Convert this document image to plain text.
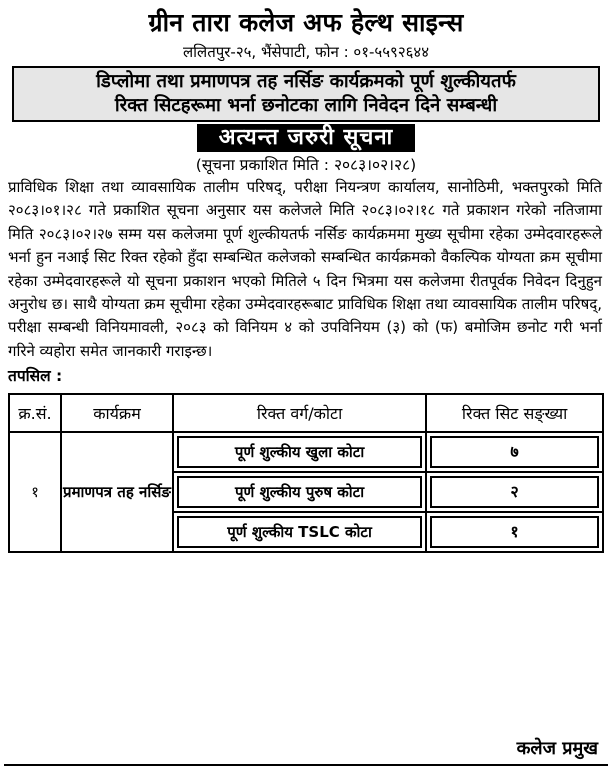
ग्रीन तारा कलेज अफ हेल्थ साइन्स
ललितपुर-२५, भैंसेपाटी, फोन : ०१-५५९२६४४
डिप्लोमा तथा प्रमाणपत्र तह नर्सिङ कार्यक्रमको पूर्ण शुल्कीयतर्फ
रिक्त सिटहरूमा भर्ना छनोटका लागि निवेदन दिने सम्बन्धी
अत्यन्त जरुरी सूचना
(सूचना प्रकाशित मिति : २०८३।०२।२८)
प्राविधिक शिक्षा तथा व्यावसायिक तालीम परिषद्, परीक्षा नियन्त्रण कार्यालय, सानोठिमी, भक्तपुरको मिति २०८३।०१।२८ गते प्रकाशित सूचना अनुसार यस कलेजले मिति २०८३।०२।१८ गते प्रकाशन गरेको नतिजामा मिति २०८३।०२।२७ सम्म यस कलेजमा पूर्ण शुल्कीयतर्फ नर्सिङ कार्यक्रममा मुख्य सूचीमा रहेका उम्मेदवारहरूले भर्ना हुन नआई सिट रिक्त रहेको हुँदा सम्बन्धित कलेजको सम्बन्धित कार्यक्रमको वैकल्पिक योग्यता क्रम सूचीमा रहेका उम्मेदवारहरूले यो सूचना प्रकाशन भएको मितिले ५ दिन भित्रमा यस कलेजमा रीतपूर्वक निवेदन दिनुहुन अनुरोध छ। साथै योग्यता क्रम सूचीमा रहेका उम्मेदवारहरूबाट प्राविधिक शिक्षा तथा व्यावसायिक तालीम परिषद्, परीक्षा सम्बन्धी विनियमावली, २०८३ को विनियम ४ को उपविनियम (३) को (फ) बमोजिम छनोट गरी भर्ना गरिने व्यहोरा समेत जानकारी गराइन्छ।
तपसिल :
क्र.सं.	कार्यक्रम	रिक्त वर्ग/कोटा	रिक्त सिट सङ्ख्या
१	प्रमाणपत्र तह नर्सिङ	पूर्ण शुल्कीय खुला कोटा	७

		पूर्ण शुल्कीय पुरुष कोटा	२

		पूर्ण शुल्कीय TSLC कोटा	१
कलेज प्रमुख
